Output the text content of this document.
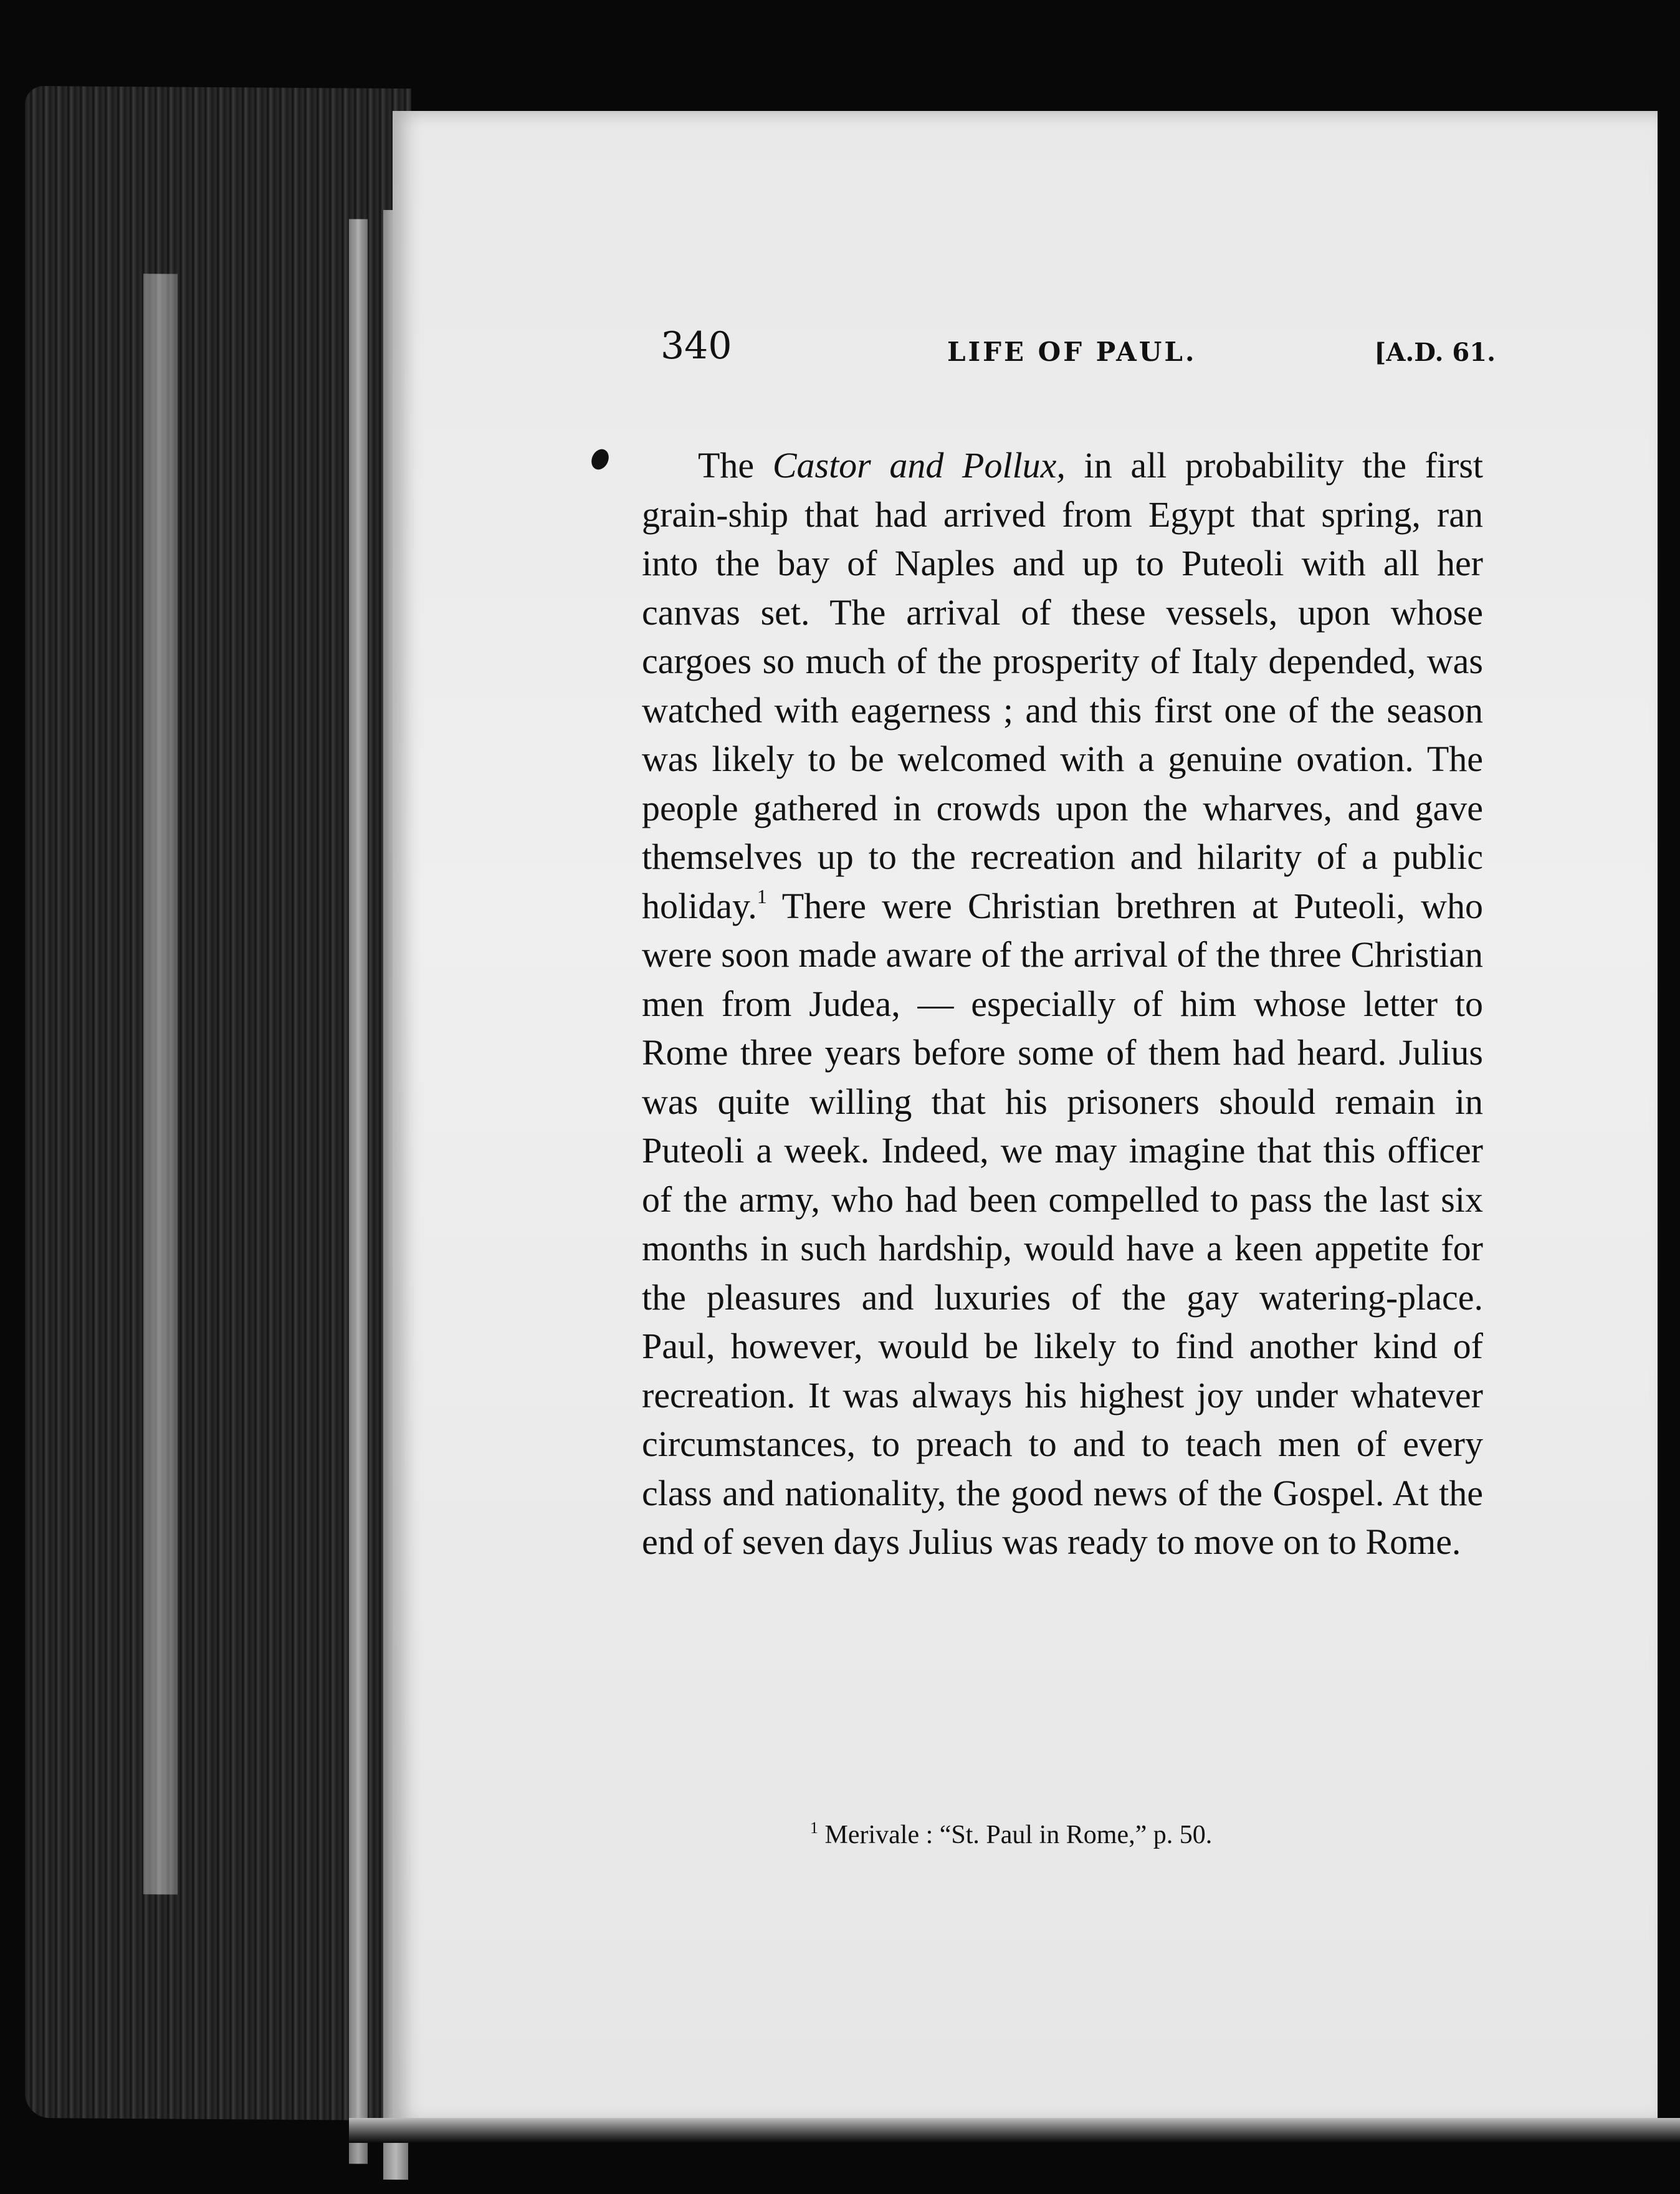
340	LIFE OF PAUL.	[A.D. 61.

The Castor and Pollux, in all probability the first grain-ship that had arrived from Egypt that spring, ran into the bay of Naples and up to Puteoli with all her canvas set. The arrival of these vessels, upon whose cargoes so much of the prosperity of Italy depended, was watched with eagerness ; and this first one of the season was likely to be welcomed with a genuine ovation. The people gathered in crowds upon the wharves, and gave themselves up to the recreation and hilarity of a public holiday.$^1$ There were Christian brethren at Puteoli, who were soon made aware of the arrival of the three Christian men from Judea, — especially of him whose letter to Rome three years before some of them had heard. Julius was quite willing that his prisoners should remain in Puteoli a week. Indeed, we may imagine that this officer of the army, who had been compelled to pass the last six months in such hardship, would have a keen appetite for the pleasures and luxuries of the gay watering-place. Paul, however, would be likely to find another kind of recreation. It was always his highest joy under whatever circumstances, to preach to and to teach men of every class and nationality, the good news of the Gospel. At the end of seven days Julius was ready to move on to Rome.

$^1$ Merivale : “St. Paul in Rome,” p. 50.
